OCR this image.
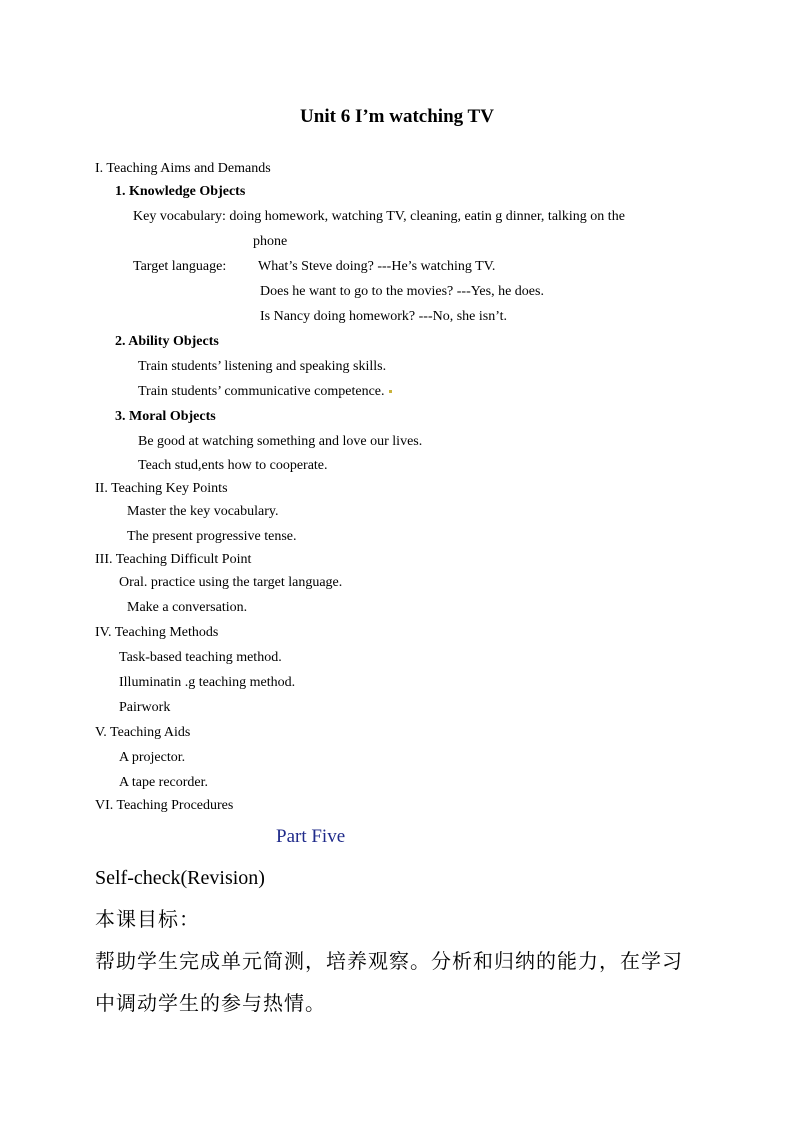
Unit 6 I’m watching TV
I. Teaching Aims and Demands
1. Knowledge Objects
Key vocabulary: doing homework, watching TV, cleaning, eatin g dinner, talking on the
phone
Target language: What’s Steve doing? ---He’s watching TV.
Does he want to go to the movies? ---Yes, he does.
Is Nancy doing homework? ---No, she isn’t.
2. Ability Objects
Train students’ listening and speaking skills.
Train students’ communicative competence.
3. Moral Objects
Be good at watching something and love our lives.
Teach stud,ents how to cooperate.
II. Teaching Key Points
Master the key vocabulary.
The present progressive tense.
III. Teaching Difficult Point
Oral. practice using the target language.
Make a conversation.
IV. Teaching Methods
Task-based teaching method.
Illuminatin .g teaching method.
Pairwork
V. Teaching Aids
A projector.
A tape recorder.
VI. Teaching Procedures
Part Five
Self-check(Revision)
本课目标：
帮助学生完成单元简测，培养观察。分析和归纳的能力，在学习
中调动学生的参与热情。
